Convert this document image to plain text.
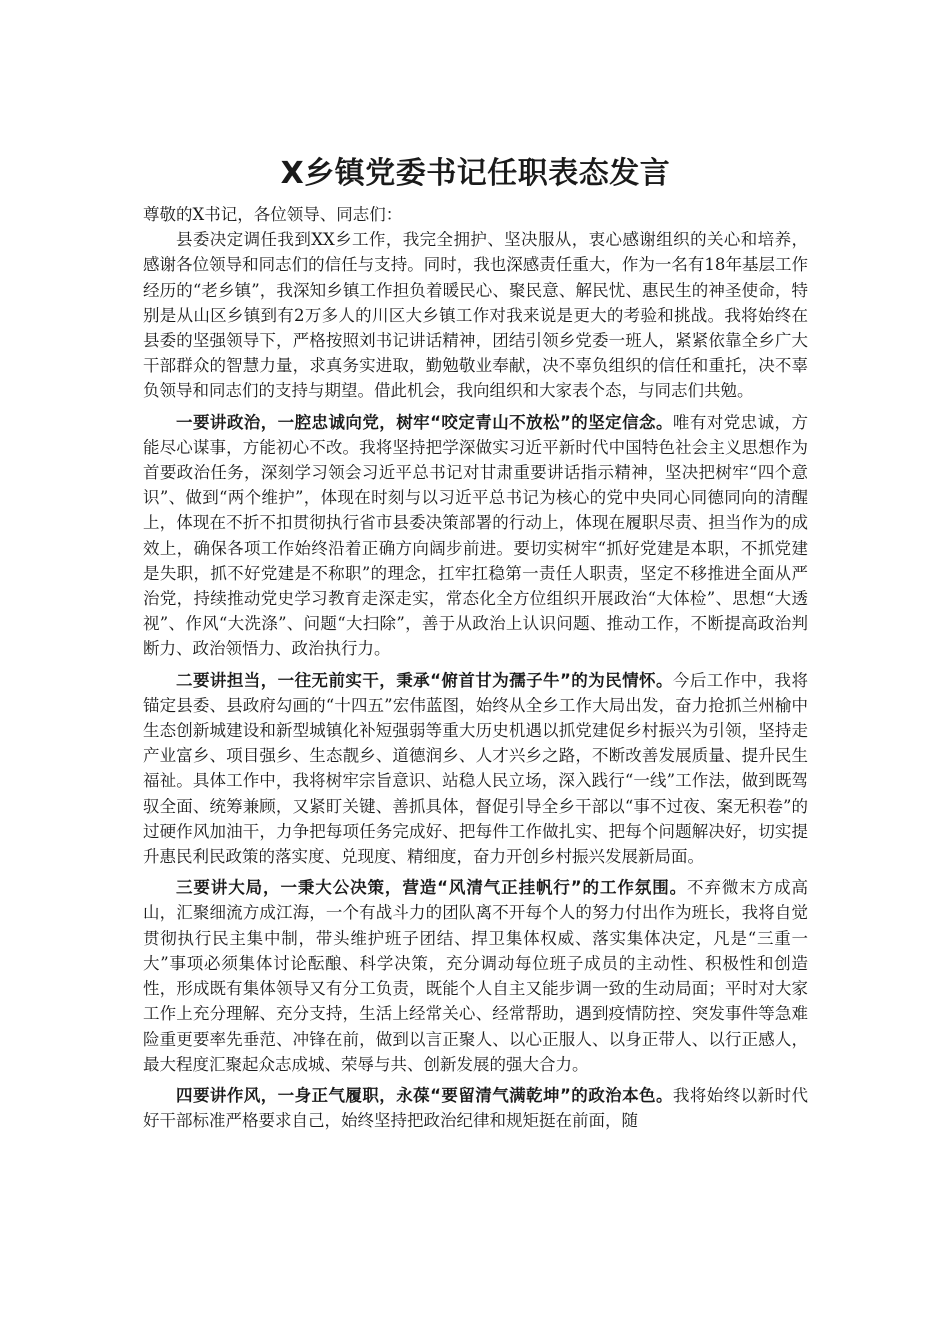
X乡镇党委书记任职表态发言

尊敬的X书记，各位领导、同志们：

县委决定调任我到XX乡工作，我完全拥护、坚决服从，衷心感谢组织的关心和培养，感谢各位领导和同志们的信任与支持。同时，我也深感责任重大，作为一名有18年基层工作经历的“老乡镇”，我深知乡镇工作担负着暖民心、聚民意、解民忧、惠民生的神圣使命，特别是从山区乡镇到有2万多人的川区大乡镇工作对我来说是更大的考验和挑战。我将始终在县委的坚强领导下，严格按照刘书记讲话精神，团结引领乡党委一班人，紧紧依靠全乡广大干部群众的智慧力量，求真务实进取，勤勉敬业奉献，决不辜负组织的信任和重托，决不辜负领导和同志们的支持与期望。借此机会，我向组织和大家表个态，与同志们共勉。

一要讲政治，一腔忠诚向党，树牢“咬定青山不放松”的坚定信念。唯有对党忠诚，方能尽心谋事，方能初心不改。我将坚持把学深做实习近平新时代中国特色社会主义思想作为首要政治任务，深刻学习领会习近平总书记对甘肃重要讲话指示精神，坚决把树牢“四个意识”、做到“两个维护”，体现在时刻与以习近平总书记为核心的党中央同心同德同向的清醒上，体现在不折不扣贯彻执行省市县委决策部署的行动上，体现在履职尽责、担当作为的成效上，确保各项工作始终沿着正确方向阔步前进。要切实树牢“抓好党建是本职，不抓党建是失职，抓不好党建是不称职”的理念，扛牢扛稳第一责任人职责，坚定不移推进全面从严治党，持续推动党史学习教育走深走实，常态化全方位组织开展政治“大体检”、思想“大透视”、作风“大洗涤”、问题“大扫除”，善于从政治上认识问题、推动工作，不断提高政治判断力、政治领悟力、政治执行力。

二要讲担当，一往无前实干，秉承“俯首甘为孺子牛”的为民情怀。今后工作中，我将锚定县委、县政府勾画的“十四五”宏伟蓝图，始终从全乡工作大局出发，奋力抢抓兰州榆中生态创新城建设和新型城镇化补短强弱等重大历史机遇以抓党建促乡村振兴为引领，坚持走产业富乡、项目强乡、生态靓乡、道德润乡、人才兴乡之路，不断改善发展质量、提升民生福祉。具体工作中，我将树牢宗旨意识、站稳人民立场，深入践行“一线”工作法，做到既驾驭全面、统筹兼顾，又紧盯关键、善抓具体，督促引导全乡干部以“事不过夜、案无积卷”的过硬作风加油干，力争把每项任务完成好、把每件工作做扎实、把每个问题解决好，切实提升惠民利民政策的落实度、兑现度、精细度，奋力开创乡村振兴发展新局面。

三要讲大局，一秉大公决策，营造“风清气正挂帆行”的工作氛围。不弃微末方成高山，汇聚细流方成江海，一个有战斗力的团队离不开每个人的努力付出作为班长，我将自觉贯彻执行民主集中制，带头维护班子团结、捍卫集体权威、落实集体决定，凡是“三重一大”事项必须集体讨论酝酿、科学决策，充分调动每位班子成员的主动性、积极性和创造性，形成既有集体领导又有分工负责，既能个人自主又能步调一致的生动局面；平时对大家工作上充分理解、充分支持，生活上经常关心、经常帮助，遇到疫情防控、突发事件等急难险重更要率先垂范、冲锋在前，做到以言正聚人、以心正服人、以身正带人、以行正感人，最大程度汇聚起众志成城、荣辱与共、创新发展的强大合力。

四要讲作风，一身正气履职，永葆“要留清气满乾坤”的政治本色。我将始终以新时代好干部标准严格要求自己，始终坚持把政治纪律和规矩挺在前面，随
